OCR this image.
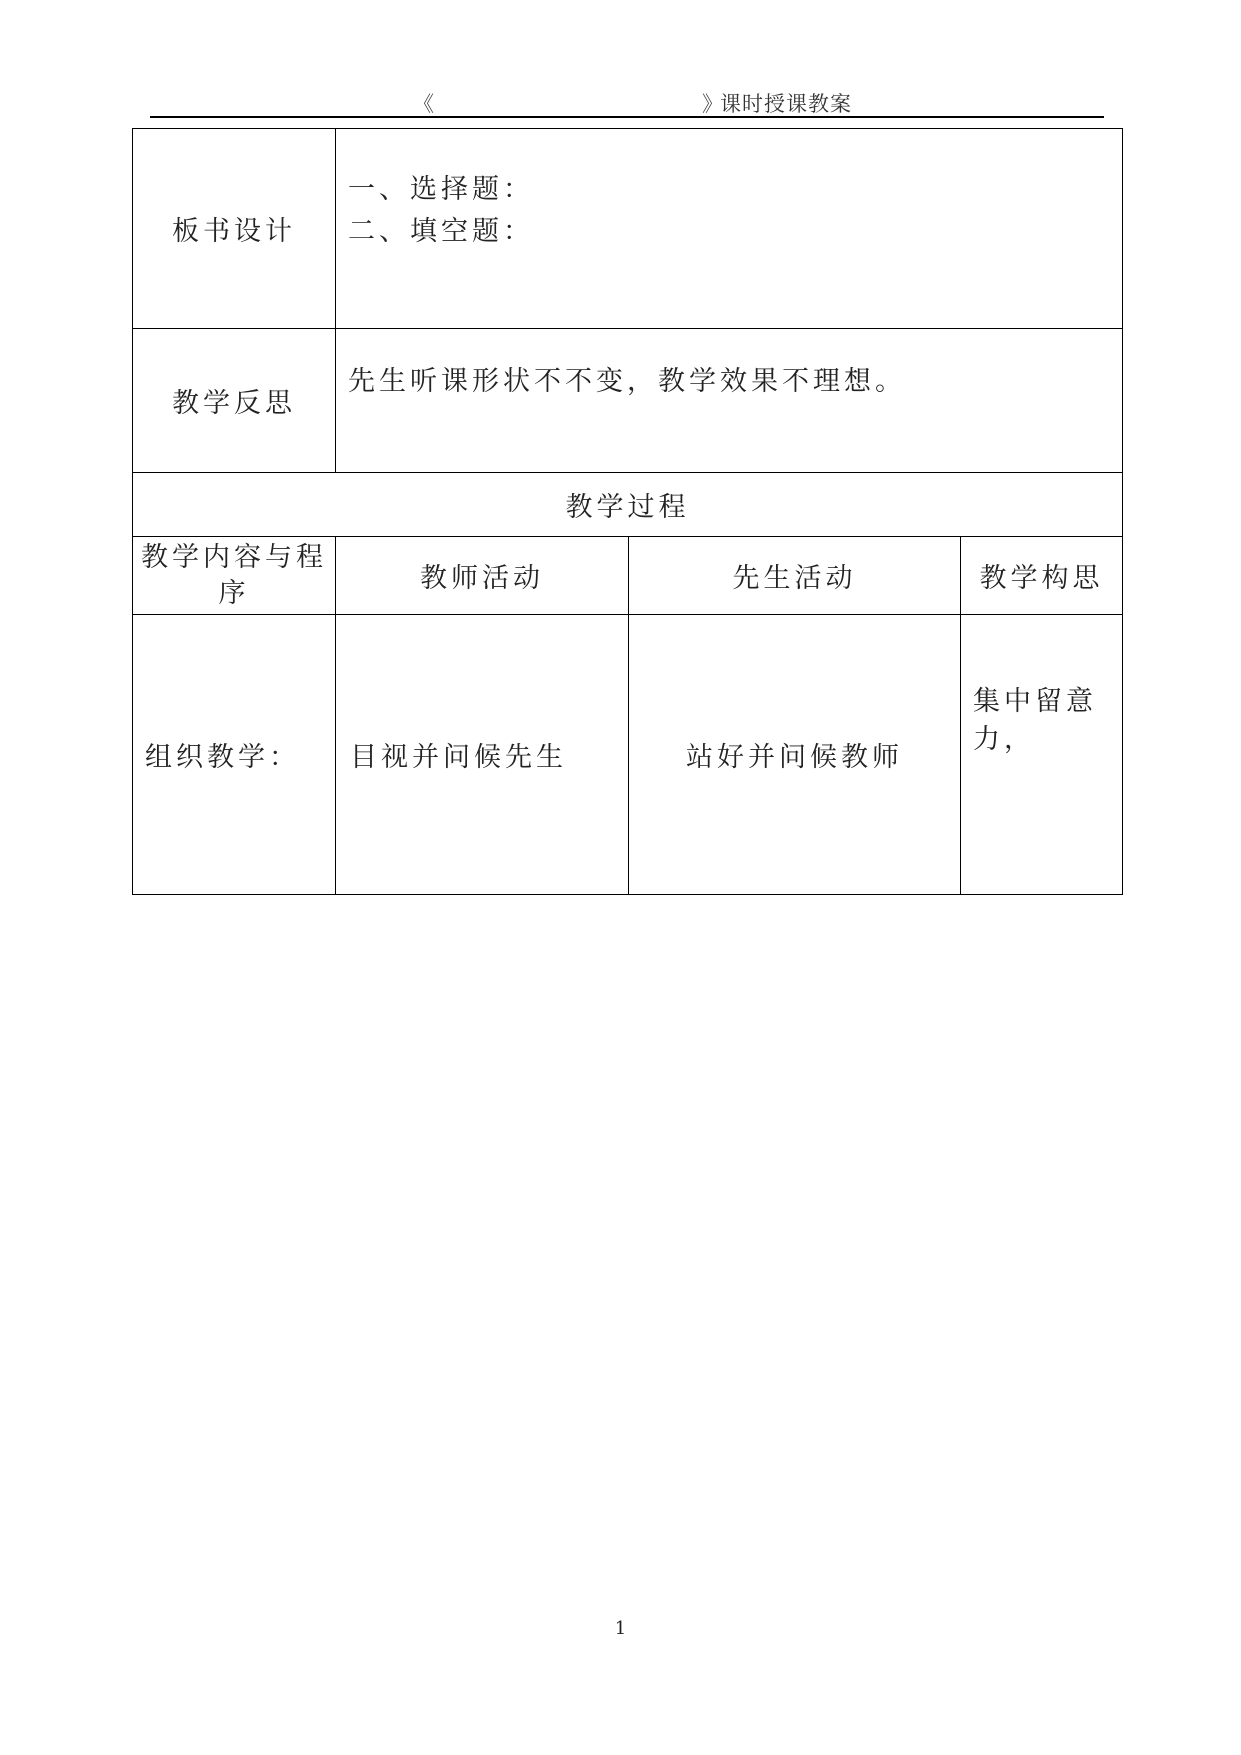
《	》
课时授课教案
板书设计	一、选择题：
二、填空题：		

教学反思	先生听课形状不不变，教学效果不理想。		
教学过程			
教学内容与程序	教师活动	先生活动	教学构思
组织教学：	目视并问候先生	站好并问候教师	集中留意力，
1
